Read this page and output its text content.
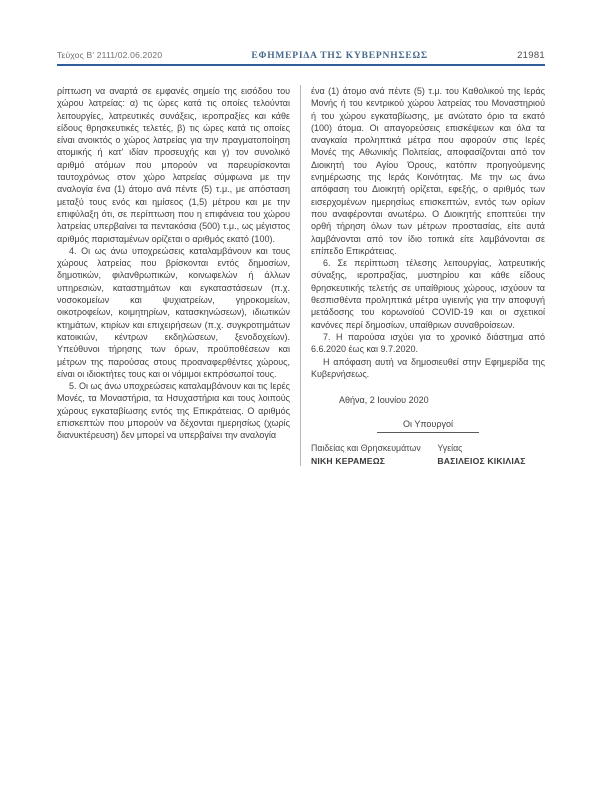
Τεύχος Β’ 2111/02.06.2020	ΕΦΗΜΕΡΙΔΑ ΤΗΣ ΚΥΒΕΡΝΗΣΕΩΣ	21981

ρίπτωση να αναρτά σε εμφανές σημείο της εισόδου του χώρου λατρείας: α) τις ώρες κατά τις οποίες τελούνται λειτουργίες, λατρευτικές συνάξεις, ιεροπραξίες και κάθε είδους θρησκευτικές τελετές, β) τις ώρες κατά τις οποίες είναι ανοικτός ο χώρος λατρείας για την πραγματοποίηση ατομικής ή κατ’ ιδίαν προσευχής και γ) τον συνολικό αριθμό ατόμων που μπορούν να παρευρίσκονται ταυτοχρόνως στον χώρο λατρείας σύμφωνα με την αναλογία ένα (1) άτομο ανά πέντε (5) τ.μ., με απόσταση μεταξύ τους ενός και ημίσεος (1,5) μέτρου και με την επιφύλαξη ότι, σε περίπτωση που η επιφάνεια του χώρου λατρείας υπερβαίνει τα πεντακόσια (500) τ.μ., ως μέγιστος αριθμός παρισταμένων ορίζεται ο αριθμός εκατό (100).

4. Οι ως άνω υποχρεώσεις καταλαμβάνουν και τους χώρους λατρείας που βρίσκονται εντός δημοσίων, δημοτικών, φιλανθρωπικών, κοινωφελών ή άλλων υπηρεσιών, καταστημάτων και εγκαταστάσεων (π.χ. νοσοκομείων και ψυχιατρείων, γηροκομείων, οικοτροφείων, κοιμητηρίων, κατασκηνώσεων), ιδιωτικών κτημάτων, κτιρίων και επιχειρήσεων (π.χ. συγκροτημάτων κατοικιών, κέντρων εκδηλώσεων, ξενοδοχείων). Υπεύθυνοι τήρησης των όρων, προϋποθέσεων και μέτρων της παρούσας στους προαναφερθέντες χώρους, είναι οι ιδιοκτήτες τους και οι νόμιμοι εκπρόσωποί τους.

5. Οι ως άνω υποχρεώσεις καταλαμβάνουν και τις Ιερές Μονές, τα Μοναστήρια, τα Ησυχαστήρια και τους λοιπούς χώρους εγκαταβίωσης εντός της Επικράτειας. Ο αριθμός επισκεπτών που μπορούν να δέχονται ημερησίως (χωρίς διανυκτέρευση) δεν μπορεί να υπερβαίνει την αναλογία

ένα (1) άτομο ανά πέντε (5) τ.μ. του Καθολικού της Ιεράς Μονής ή του κεντρικού χώρου λατρείας του Μοναστηριού ή του χώρου εγκαταβίωσης, με ανώτατο όριο τα εκατό (100) άτομα. Οι απαγορεύσεις επισκέψεων και όλα τα αναγκαία προληπτικά μέτρα που αφορούν στις Ιερές Μονές της Αθωνικής Πολιτείας, αποφασίζονται από τον Διοικητή του Αγίου Όρους, κατόπιν προηγούμενης ενημέρωσης της Ιεράς Κοινότητας. Με την ως άνω απόφαση του Διοικητή ορίζεται, εφεξής, ο αριθμός των εισερχομένων ημερησίως επισκεπτών, εντός των ορίων που αναφέρονται ανωτέρω. Ο Διοικητής εποπτεύει την ορθή τήρηση όλων των μέτρων προστασίας, είτε αυτά λαμβάνονται από τον ίδιο τοπικά είτε λαμβάνονται σε επίπεδο Επικράτειας.

6. Σε περίπτωση τέλεσης λειτουργίας, λατρευτικής σύναξης, ιεροπραξίας, μυστηρίου και κάθε είδους θρησκευτικής τελετής σε υπαίθριους χώρους, ισχύουν τα θεσπισθέντα προληπτικά μέτρα υγιεινής για την αποφυγή μετάδοσης του κορωνοϊού COVID-19 και οι σχετικοί κανόνες περί δημοσίων, υπαίθριων συναθροίσεων.

7. Η παρούσα ισχύει για το χρονικό διάστημα από 6.6.2020 έως και 9.7.2020.

Η απόφαση αυτή να δημοσιευθεί στην Εφημερίδα της Κυβερνήσεως.

Αθήνα, 2 Ιουνίου 2020
Οι Υπουργοί
Παιδείας και Θρησκευμάτων
ΝΙΚΗ ΚΕΡΑΜΕΩΣ
Υγείας
ΒΑΣΙΛΕΙΟΣ ΚΙΚΙΛΙΑΣ
